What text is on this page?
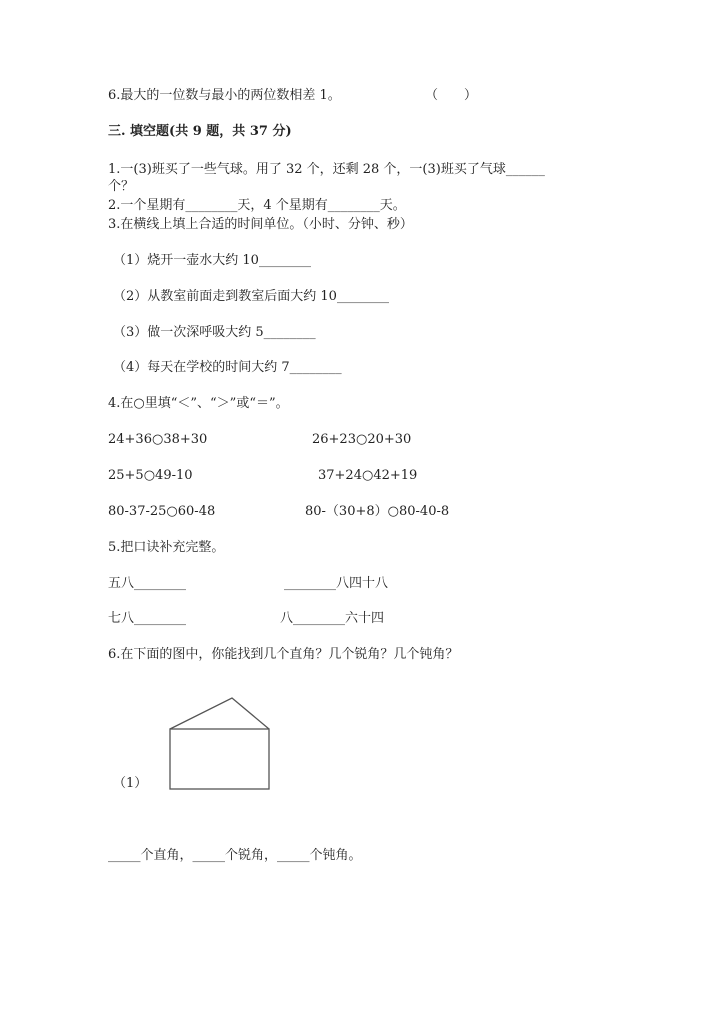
6.最大的一位数与最小的两位数相差 1。	（　　）
三. 填空题(共 9 题，共 37 分)
1.一(3)班买了一些气球。用了 32 个，还剩 28 个，一(3)班买了气球______
个？
2.一个星期有________天，4 个星期有________天。
3.在横线上填上合适的时间单位。（小时、分钟、秒）
（1）烧开一壶水大约 10________
（2）从教室前面走到教室后面大约 10________
（3）做一次深呼吸大约 5________
（4）每天在学校的时间大约 7________
4.在○里填“＜”、“＞”或“＝”。
24+36○38+30	26+23○20+30
25+5○49-10	37+24○42+19
80-37-25○60-48	80-（30+8）○80-40-8
5.把口诀补充完整。
五八________	________八四十八
七八________	八________六十四
6.在下面的图中，你能找到几个直角？几个锐角？几个钝角？
（1）
_____个直角，_____个锐角，_____个钝角。
